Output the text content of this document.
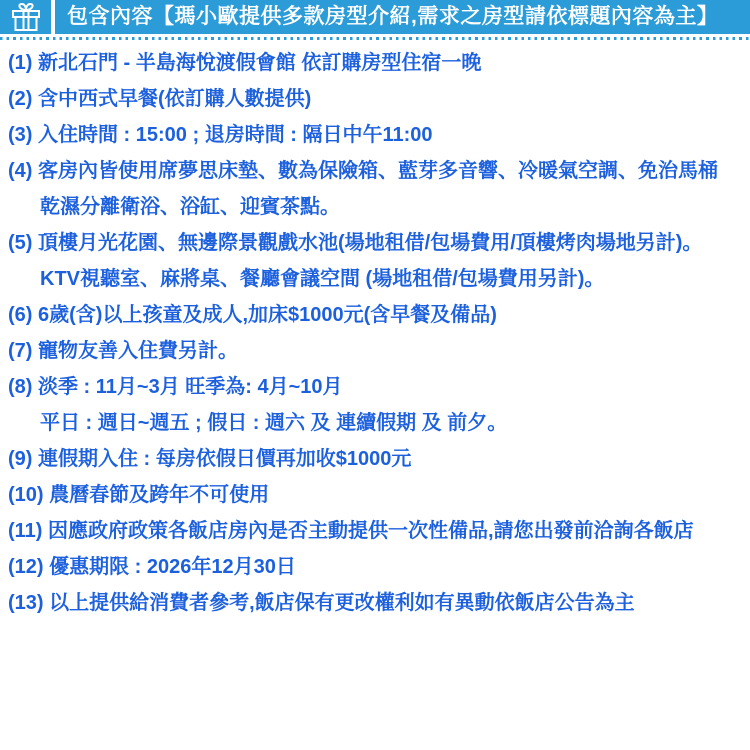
包含內容【瑪小歐提供多款房型介紹,需求之房型請依標題內容為主】
(1) 新北石門 - 半島海悅渡假會館 依訂購房型住宿一晚
(2) 含中西式早餐(依訂購人數提供)
(3) 入住時間 : 15:00 ; 退房時間 : 隔日中午11:00
(4) 客房內皆使用席夢思床墊、數為保險箱、藍芽多音響、冷暖氣空調、免治馬桶
乾濕分離衛浴、浴缸、迎賓茶點。
(5) 頂樓月光花園、無邊際景觀戲水池(場地租借/包場費用/頂樓烤肉場地另計)。
KTV視聽室、麻將桌、餐廳會議空間 (場地租借/包場費用另計)。
(6) 6歲(含)以上孩童及成人,加床$1000元(含早餐及備品)
(7) 寵物友善入住費另計。
(8) 淡季 : 11月~3月 旺季為: 4月~10月
平日 : 週日~週五 ; 假日 : 週六 及 連續假期 及 前夕。
(9) 連假期入住 : 每房依假日價再加收$1000元
(10) 農曆春節及跨年不可使用
(11) 因應政府政策各飯店房內是否主動提供一次性備品,請您出發前洽詢各飯店
(12) 優惠期限 : 2026年12月30日
(13) 以上提供給消費者參考,飯店保有更改權利如有異動依飯店公告為主
